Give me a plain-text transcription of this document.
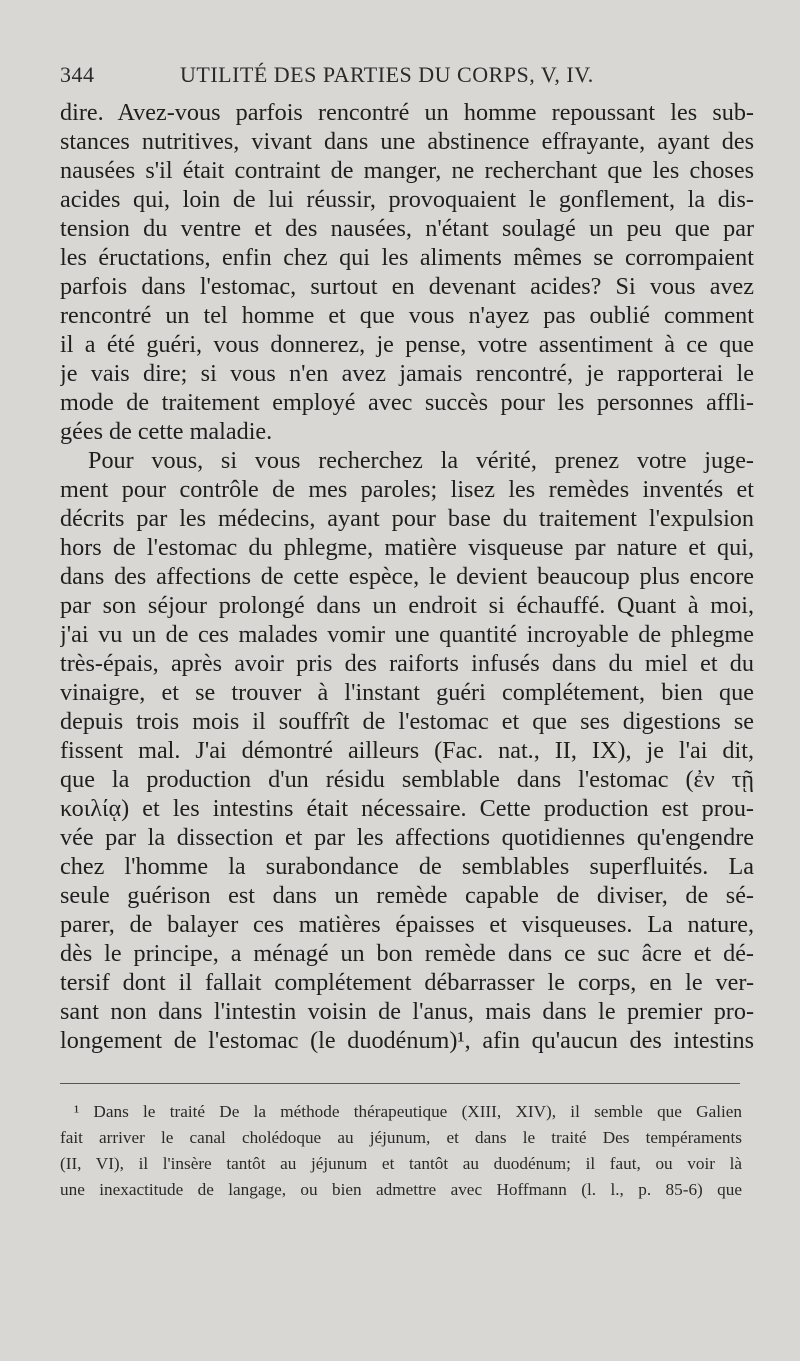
344	UTILITÉ DES PARTIES DU CORPS, V, IV.

dire. Avez-vous parfois rencontré un homme repoussant les sub-
stances nutritives, vivant dans une abstinence effrayante, ayant des
nausées s'il était contraint de manger, ne recherchant que les choses
acides qui, loin de lui réussir, provoquaient le gonflement, la dis-
tension du ventre et des nausées, n'étant soulagé un peu que par
les éructations, enfin chez qui les aliments mêmes se corrompaient
parfois dans l'estomac, surtout en devenant acides? Si vous avez
rencontré un tel homme et que vous n'ayez pas oublié comment
il a été guéri, vous donnerez, je pense, votre assentiment à ce que
je vais dire; si vous n'en avez jamais rencontré, je rapporterai le
mode de traitement employé avec succès pour les personnes affli-
gées de cette maladie.

Pour vous, si vous recherchez la vérité, prenez votre juge-
ment pour contrôle de mes paroles; lisez les remèdes inventés et
décrits par les médecins, ayant pour base du traitement l'expulsion
hors de l'estomac du phlegme, matière visqueuse par nature et qui,
dans des affections de cette espèce, le devient beaucoup plus encore
par son séjour prolongé dans un endroit si échauffé. Quant à moi,
j'ai vu un de ces malades vomir une quantité incroyable de phlegme
très-épais, après avoir pris des raiforts infusés dans du miel et du
vinaigre, et se trouver à l'instant guéri complétement, bien que
depuis trois mois il souffrît de l'estomac et que ses digestions se
fissent mal. J'ai démontré ailleurs (Fac. nat., II, IX), je l'ai dit,
que la production d'un résidu semblable dans l'estomac (ἐν τῇ
κοιλίᾳ) et les intestins était nécessaire. Cette production est prou-
vée par la dissection et par les affections quotidiennes qu'engendre
chez l'homme la surabondance de semblables superfluités. La
seule guérison est dans un remède capable de diviser, de sé-
parer, de balayer ces matières épaisses et visqueuses. La nature,
dès le principe, a ménagé un bon remède dans ce suc âcre et dé-
tersif dont il fallait complétement débarrasser le corps, en le ver-
sant non dans l'intestin voisin de l'anus, mais dans le premier pro-
longement de l'estomac (le duodénum)¹, afin qu'aucun des intestins

¹ Dans le traité De la méthode thérapeutique (XIII, XIV), il semble que Galien
fait arriver le canal cholédoque au jéjunum, et dans le traité Des tempéraments
(II, VI), il l'insère tantôt au jéjunum et tantôt au duodénum; il faut, ou voir là
une inexactitude de langage, ou bien admettre avec Hoffmann (l. l., p. 85-6) que
